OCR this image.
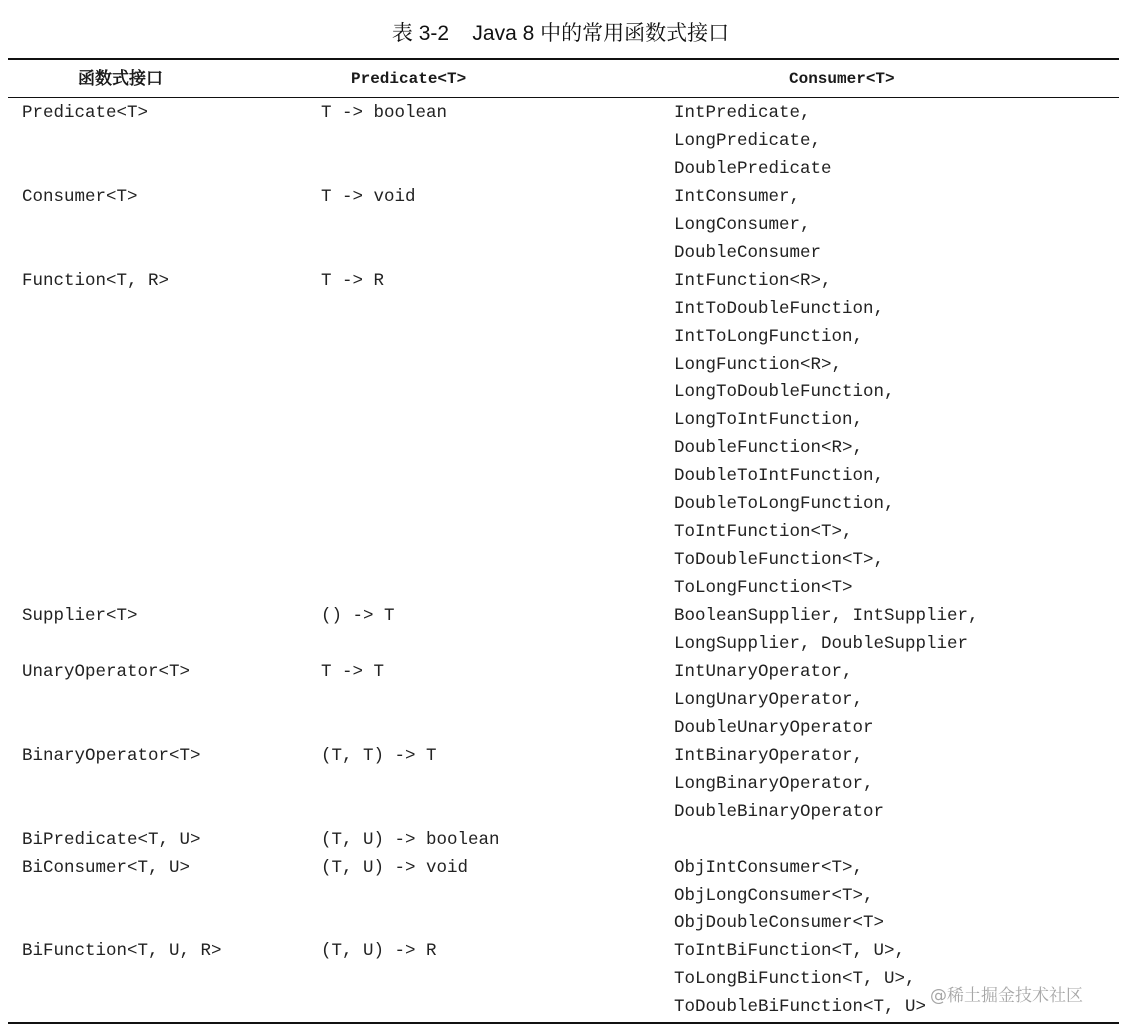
表 3-2    Java 8 中的常用函数式接口
函数式接口	Predicate<T>	Consumer<T>
Predicate<T>	T -> boolean	IntPredicate,
LongPredicate,
DoublePredicate
Consumer<T>	T -> void	IntConsumer,
LongConsumer,
DoubleConsumer
Function<T, R>	T -> R	IntFunction<R>,
IntToDoubleFunction,
IntToLongFunction,
LongFunction<R>,
LongToDoubleFunction,
LongToIntFunction,
DoubleFunction<R>,
DoubleToIntFunction,
DoubleToLongFunction,
ToIntFunction<T>,
ToDoubleFunction<T>,
ToLongFunction<T>
Supplier<T>	() -> T	BooleanSupplier, IntSupplier,
LongSupplier, DoubleSupplier
UnaryOperator<T>	T -> T	IntUnaryOperator,
LongUnaryOperator,
DoubleUnaryOperator
BinaryOperator<T>	(T, T) -> T	IntBinaryOperator,
LongBinaryOperator,
DoubleBinaryOperator
BiPredicate<T, U>	(T, U) -> boolean
BiConsumer<T, U>	(T, U) -> void	ObjIntConsumer<T>,
ObjLongConsumer<T>,
ObjDoubleConsumer<T>
BiFunction<T, U, R>	(T, U) -> R	ToIntBiFunction<T, U>,
ToLongBiFunction<T, U>,
ToDoubleBiFunction<T, U>
@稀土掘金技术社区
